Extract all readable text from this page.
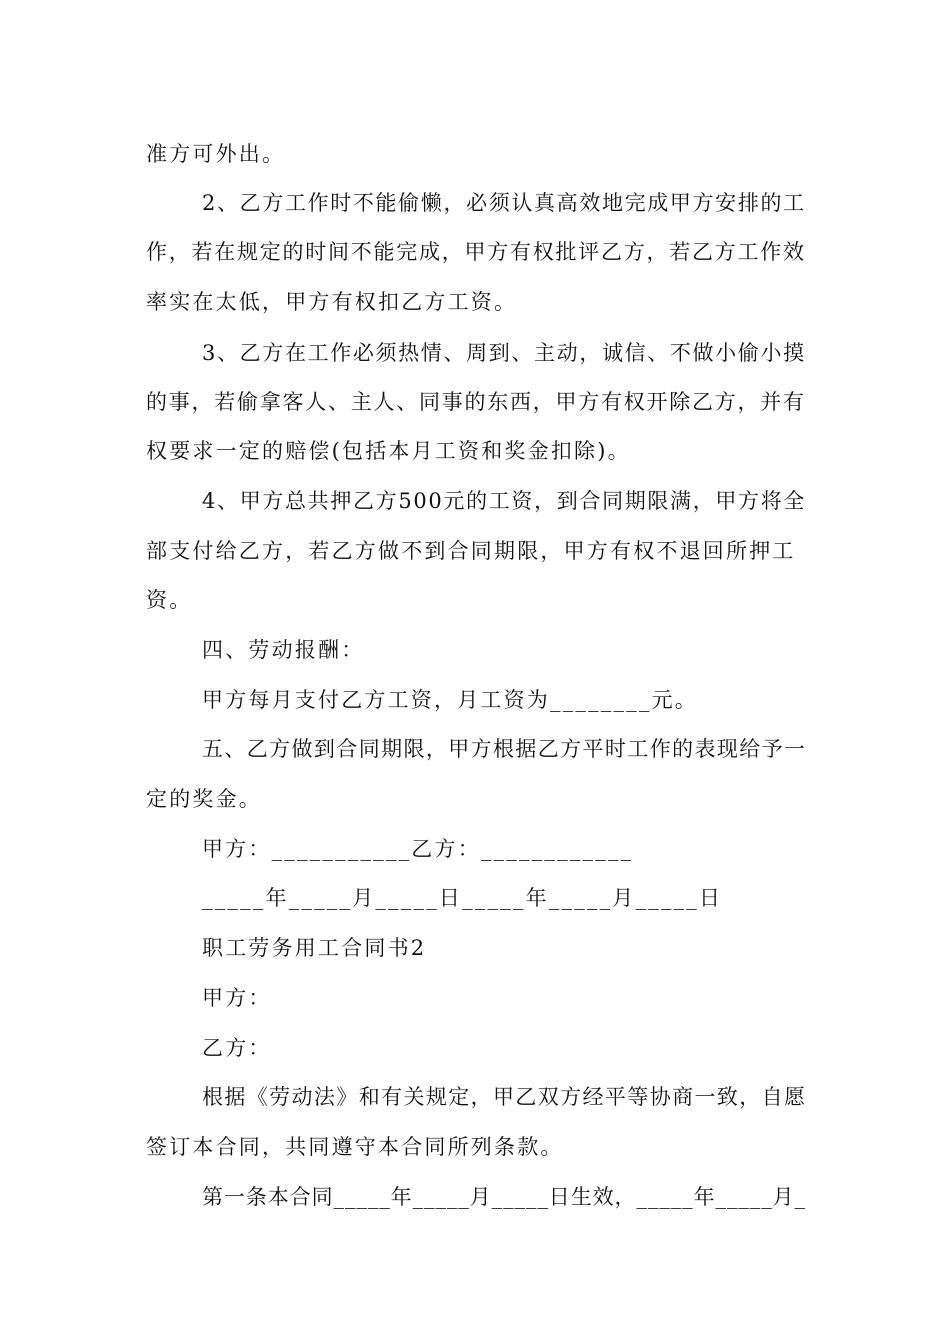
准方可外出。
2、乙方工作时不能偷懒，必须认真高效地完成甲方安排的工
作，若在规定的时间不能完成，甲方有权批评乙方，若乙方工作效
率实在太低，甲方有权扣乙方工资。
3、乙方在工作必须热情、周到、主动，诚信、不做小偷小摸
的事，若偷拿客人、主人、同事的东西，甲方有权开除乙方，并有
权要求一定的赔偿(包括本月工资和奖金扣除)。
4、甲方总共押乙方500元的工资，到合同期限满，甲方将全
部支付给乙方，若乙方做不到合同期限，甲方有权不退回所押工
资。
四、劳动报酬：
甲方每月支付乙方工资，月工资为________元。
五、乙方做到合同期限，甲方根据乙方平时工作的表现给予一
定的奖金。
甲方：___________乙方：____________
_____年_____月_____日_____年_____月_____日
职工劳务用工合同书2
甲方：
乙方：
根据《劳动法》和有关规定，甲乙双方经平等协商一致，自愿
签订本合同，共同遵守本合同所列条款。
第一条本合同_____年_____月_____日生效，_____年_____月_
